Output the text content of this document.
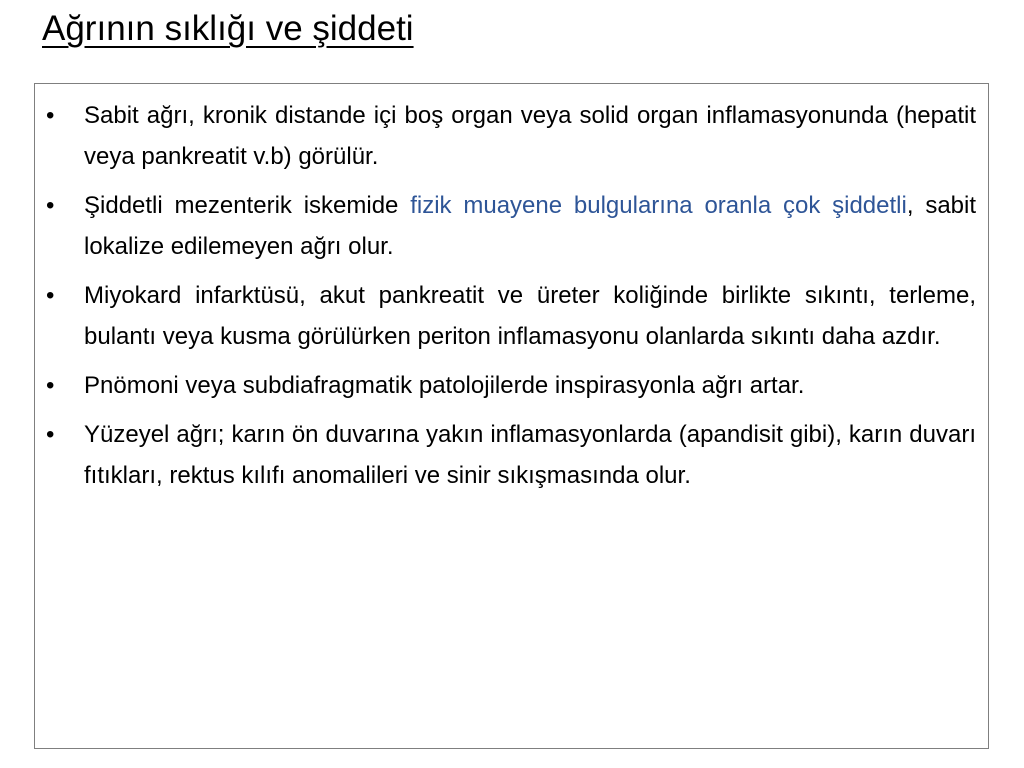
Ağrının sıklığı ve şiddeti
•	Sabit ağrı, kronik distande içi boş organ veya solid organ inflamasyonunda (hepatit veya pankreatit v.b) görülür.

•	Şiddetli mezenterik iskemide fizik muayene bulgularına oranla çok şiddetli, sabit lokalize edilemeyen ağrı olur.

•	Miyokard infarktüsü, akut pankreatit ve üreter koliğinde birlikte sıkıntı, terleme, bulantı veya kusma görülürken periton inflamasyonu olanlarda sıkıntı daha azdır.

•	Pnömoni veya subdiafragmatik patolojilerde inspirasyonla ağrı artar.

•	Yüzeyel ağrı; karın ön duvarına yakın inflamasyonlarda (apandisit gibi), karın duvarı fıtıkları, rektus kılıfı anomalileri ve sinir sıkışmasında olur.
